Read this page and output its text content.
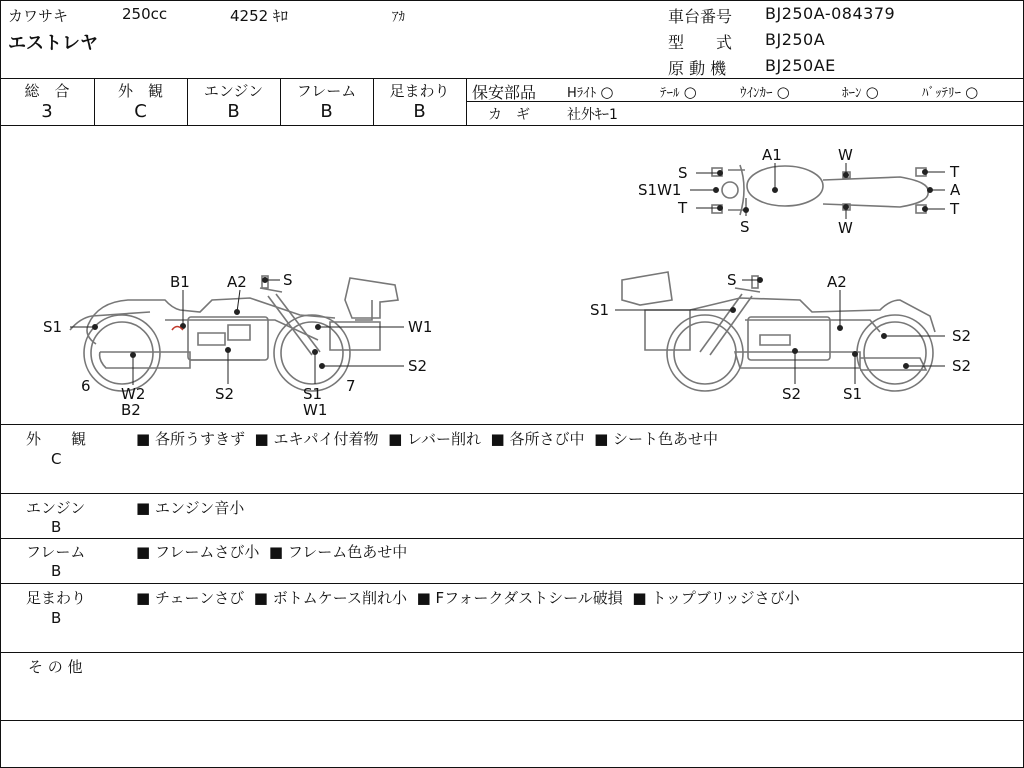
カワサキ	250cc	4252 ｷﾛ	ｱｶ
エストレヤ
車台番号 BJ250A-084379
型　　式 BJ250A
原 動 機 BJ250AE
総　合	外　観	エンジン	フレーム	足まわり
3	C	B	B	B
保安部品 Hﾗｲﾄ ○	ﾃｰﾙ ○	ｳｲﾝｶｰ ○	ﾎｰﾝ ○	ﾊﾞｯﾃﾘｰ ○
カ　ギ	社外ｷｰ1
B1 A2 S
S1	W1
S2
6 W2
B2
S2	S1
W1
7
S
S1
A2
S2
S2
S2	S1
A1	W
S	T
S1W1	A
T	T
S	W
外　　観
C
■ 各所うすきず ■ エキパイ付着物 ■ レバー削れ ■ 各所さび中 ■ シート色あせ中
エンジン
B
■ エンジン音小
フレーム
B
■ フレームさび小 ■ フレーム色あせ中
足まわり
B
■ チェーンさび ■ ボトムケース削れ小 ■ Fフォークダストシール破損 ■ トップブリッジさび小
そ の 他
